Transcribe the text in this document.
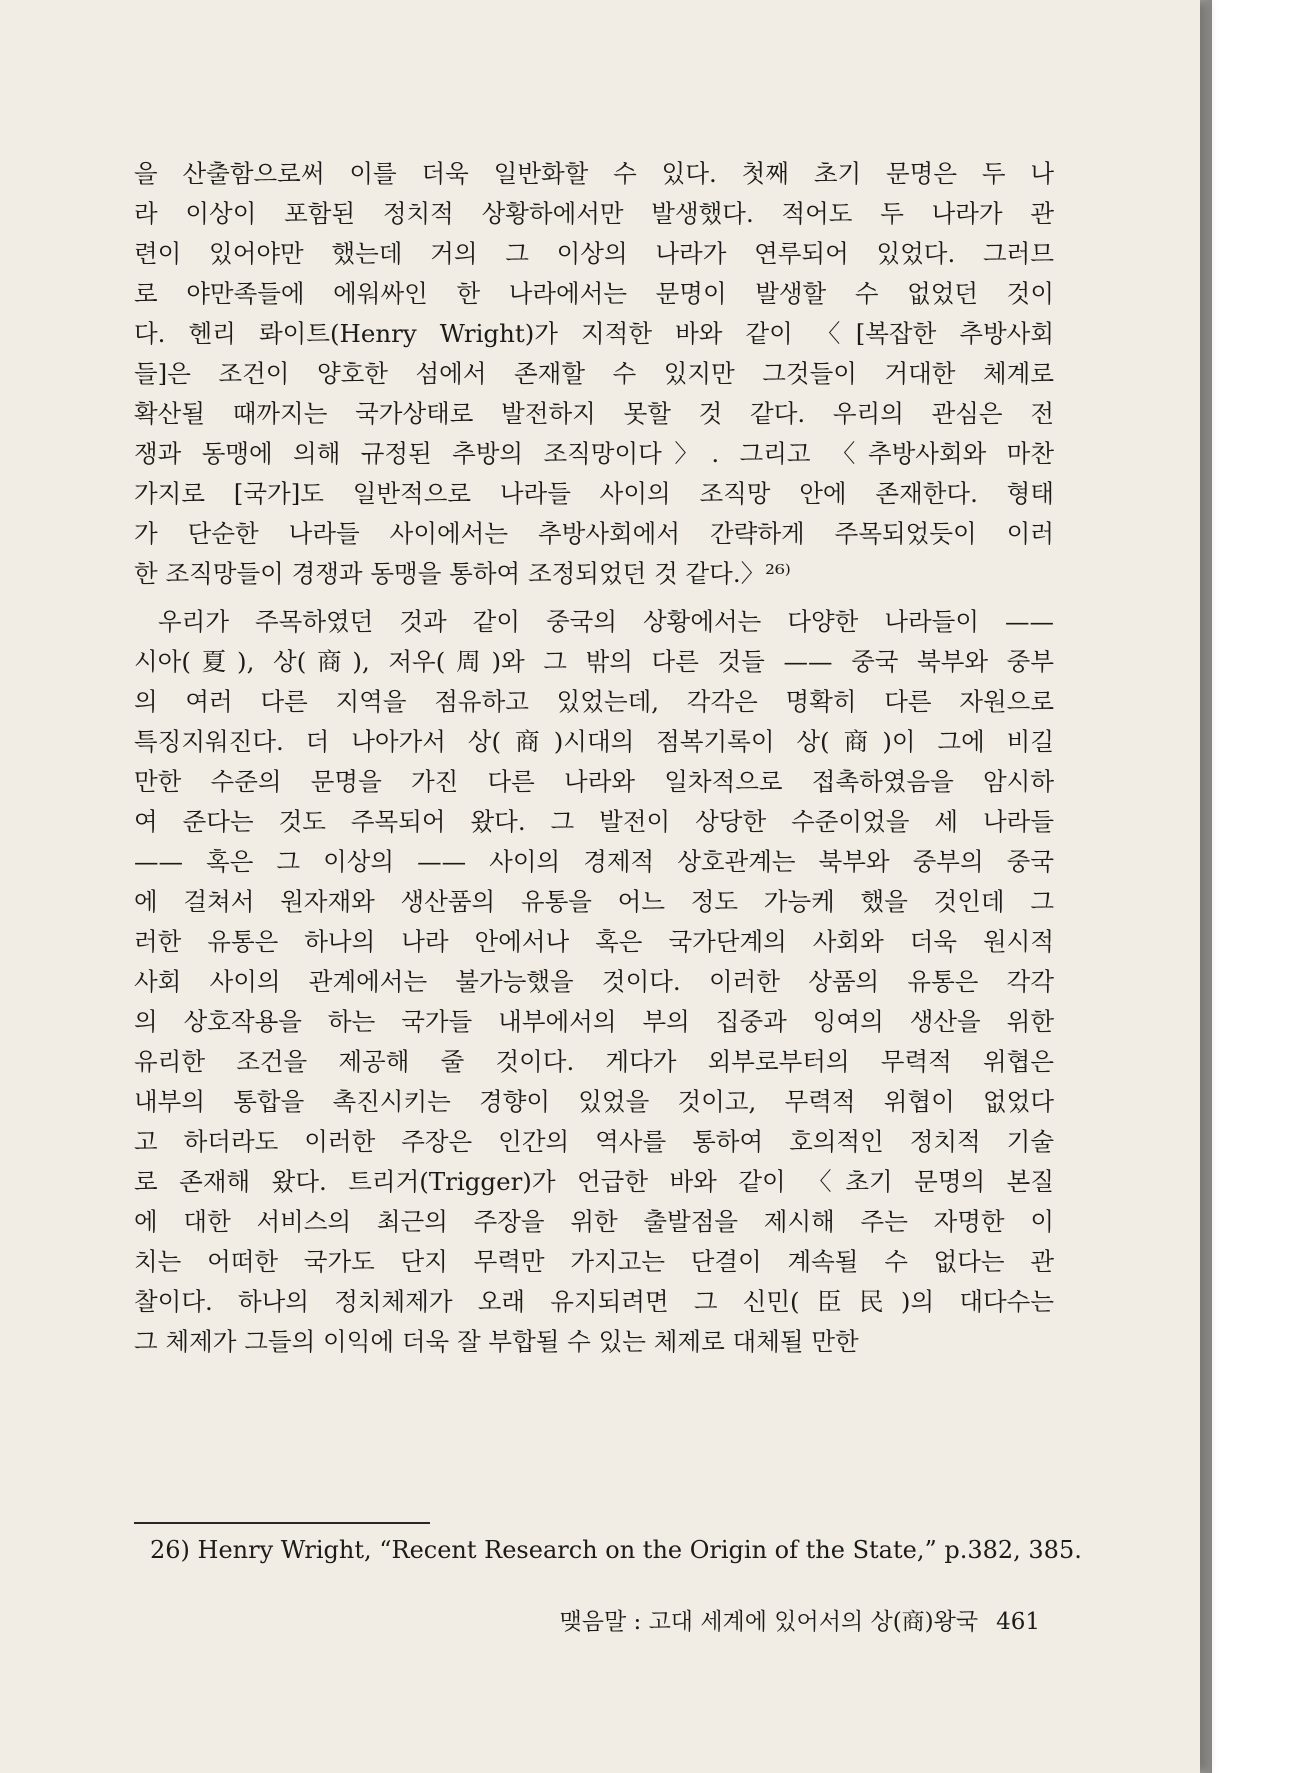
을 산출함으로써 이를 더욱 일반화할 수 있다. 첫째 초기 문명은 두 나
라 이상이 포함된 정치적 상황하에서만 발생했다. 적어도 두 나라가 관
련이 있어야만 했는데 거의 그 이상의 나라가 연루되어 있었다. 그러므
로 야만족들에 에워싸인 한 나라에서는 문명이 발생할 수 없었던 것이
다. 헨리 롸이트(Henry Wright)가 지적한 바와 같이 〈[복잡한 추방사회
들]은 조건이 양호한 섬에서 존재할 수 있지만 그것들이 거대한 체계로
확산될 때까지는 국가상태로 발전하지 못할 것 같다. 우리의 관심은 전
쟁과 동맹에 의해 규정된 추방의 조직망이다〉. 그리고 〈추방사회와 마찬
가지로 [국가]도 일반적으로 나라들 사이의 조직망 안에 존재한다. 형태
가 단순한 나라들 사이에서는 추방사회에서 간략하게 주목되었듯이 이러
한 조직망들이 경쟁과 동맹을 통하여 조정되었던 것 같다.〉²⁶⁾
우리가 주목하였던 것과 같이 중국의 상황에서는 다양한 나라들이 ——
시아(夏), 상(商), 저우(周)와 그 밖의 다른 것들 —— 중국 북부와 중부
의 여러 다른 지역을 점유하고 있었는데, 각각은 명확히 다른 자원으로
특징지워진다. 더 나아가서 상(商)시대의 점복기록이 상(商)이 그에 비길
만한 수준의 문명을 가진 다른 나라와 일차적으로 접촉하였음을 암시하
여 준다는 것도 주목되어 왔다. 그 발전이 상당한 수준이었을 세 나라들
—— 혹은 그 이상의 —— 사이의 경제적 상호관계는 북부와 중부의 중국
에 걸쳐서 원자재와 생산품의 유통을 어느 정도 가능케 했을 것인데 그
러한 유통은 하나의 나라 안에서나 혹은 국가단계의 사회와 더욱 원시적
사회 사이의 관계에서는 불가능했을 것이다. 이러한 상품의 유통은 각각
의 상호작용을 하는 국가들 내부에서의 부의 집중과 잉여의 생산을 위한
유리한 조건을 제공해 줄 것이다. 게다가 외부로부터의 무력적 위협은
내부의 통합을 촉진시키는 경향이 있었을 것이고, 무력적 위협이 없었다
고 하더라도 이러한 주장은 인간의 역사를 통하여 호의적인 정치적 기술
로 존재해 왔다. 트리거(Trigger)가 언급한 바와 같이 〈초기 문명의 본질
에 대한 서비스의 최근의 주장을 위한 출발점을 제시해 주는 자명한 이
치는 어떠한 국가도 단지 무력만 가지고는 단결이 계속될 수 없다는 관
찰이다. 하나의 정치체제가 오래 유지되려면 그 신민(臣民)의 대다수는
그 체제가 그들의 이익에 더욱 잘 부합될 수 있는 체제로 대체될 만한
26) Henry Wright, “Recent Research on the Origin of the State,” p.382, 385.
맺음말 : 고대 세계에 있어서의 상(商)왕국 461
